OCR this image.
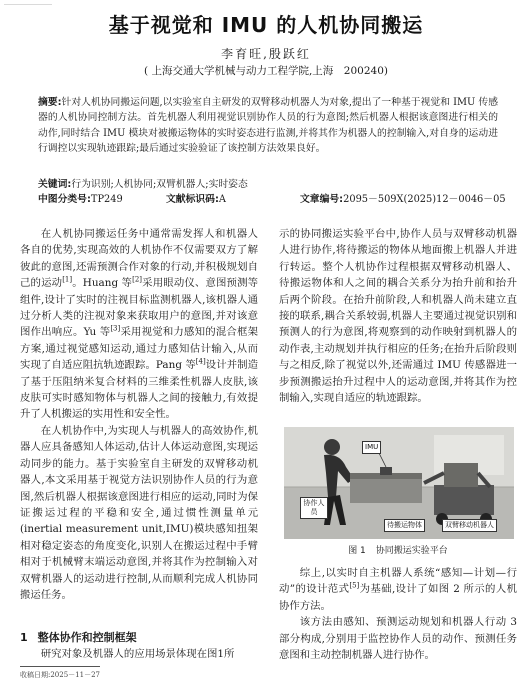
……………………
基于视觉和 IMU 的人机协同搬运
李育旺,殷跃红
( 上海交通大学机械与动力工程学院,上海　200240)
摘要:针对人机协同搬运问题,以实验室自主研发的双臂移动机器人为对象,提出了一种基于视觉和 IMU 传感器的人机协同控制方法。首先机器人利用视觉识别协作人员的行为意图;然后机器人根据该意图进行相关的动作,同时结合 IMU 模块对被搬运物体的实时姿态进行监测,并将其作为机器人的控制输入,对自身的运动进行调控以实现轨迹跟踪;最后通过实验验证了该控制方法效果良好。
关键词:行为识别;人机协同;双臂机器人;实时姿态
中图分类号:TP249	文献标识码:A	文章编号:2095－509X(2025)12－0046－05

在人机协同搬运任务中通常需发挥人和机器人各自的优势,实现高效的人机协作不仅需要双方了解彼此的意图,还需预测合作对象的行动,并积极规划自己的运动[1]。Huang 等[2]采用眼动仪、意图预测等组件,设计了实时的注视目标监测机器人,该机器人通过分析人类的注视对象来获取用户的意图,并对该意图作出响应。Yu 等[3]采用视觉和力感知的混合框架方案,通过视觉感知运动,通过力感知估计输入,从而实现了自适应阻抗轨迹跟踪。Pang 等[4]设计并制造了基于压阻纳米复合材料的三维柔性机器人皮肤,该皮肤可实时感知物体与机器人之间的接触力,有效提升了人机搬运的实用性和安全性。

在人机协作中,为实现人与机器人的高效协作,机器人应具备感知人体运动,估计人体运动意图,实现运动同步的能力。基于实验室自主研发的双臂移动机器人,本文采用基于视觉方法识别协作人员的行为意图,然后机器人根据该意图进行相应的运动,同时为保证搬运过程的平稳和安全,通过惯性测量单元(inertial measurement unit,IMU)模块感知扭架相对稳定姿态的角度变化,识别人在搬运过程中手臂相对于机械臂末端运动意图,并将其作为控制输入对双臂机器人的运动进行控制,从而顺利完成人机协同搬运任务。

1 整体协作和控制框架
研究对象及机器人的应用场景体现在图1所
收稿日期:2025－11－27

示的协同搬运实验平台中,协作人员与双臂移动机器人进行协作,将待搬运的物体从地面搬上机器人并进行转运。整个人机协作过程根据双臂移动机器人、待搬运物体和人之间的耦合关系分为抬升前和抬升后两个阶段。在抬升前阶段,人和机器人尚未建立直接的联系,耦合关系较弱,机器人主要通过视觉识别和预测人的行为意图,将观察到的动作映射到机器人的动作表,主动规划并执行相应的任务;在抬升后阶段则与之相反,除了视觉以外,还需通过 IMU 传感器进一步预测搬运抬升过程中人的运动意图,并将其作为控制输入,实现自适应的轨迹跟踪。

IMU
协作人员
待搬运物体	双臂移动机器人
图 1 协同搬运实验平台

综上,以实时自主机器人系统“感知—计划—行动”的设计范式[5]为基础,设计了如图 2 所示的人机协作方法。

该方法由感知、预测运动规划和机器人行动 3 部分构成,分别用于监控协作人员的动作、预测任务意图和主动控制机器人进行协作。
